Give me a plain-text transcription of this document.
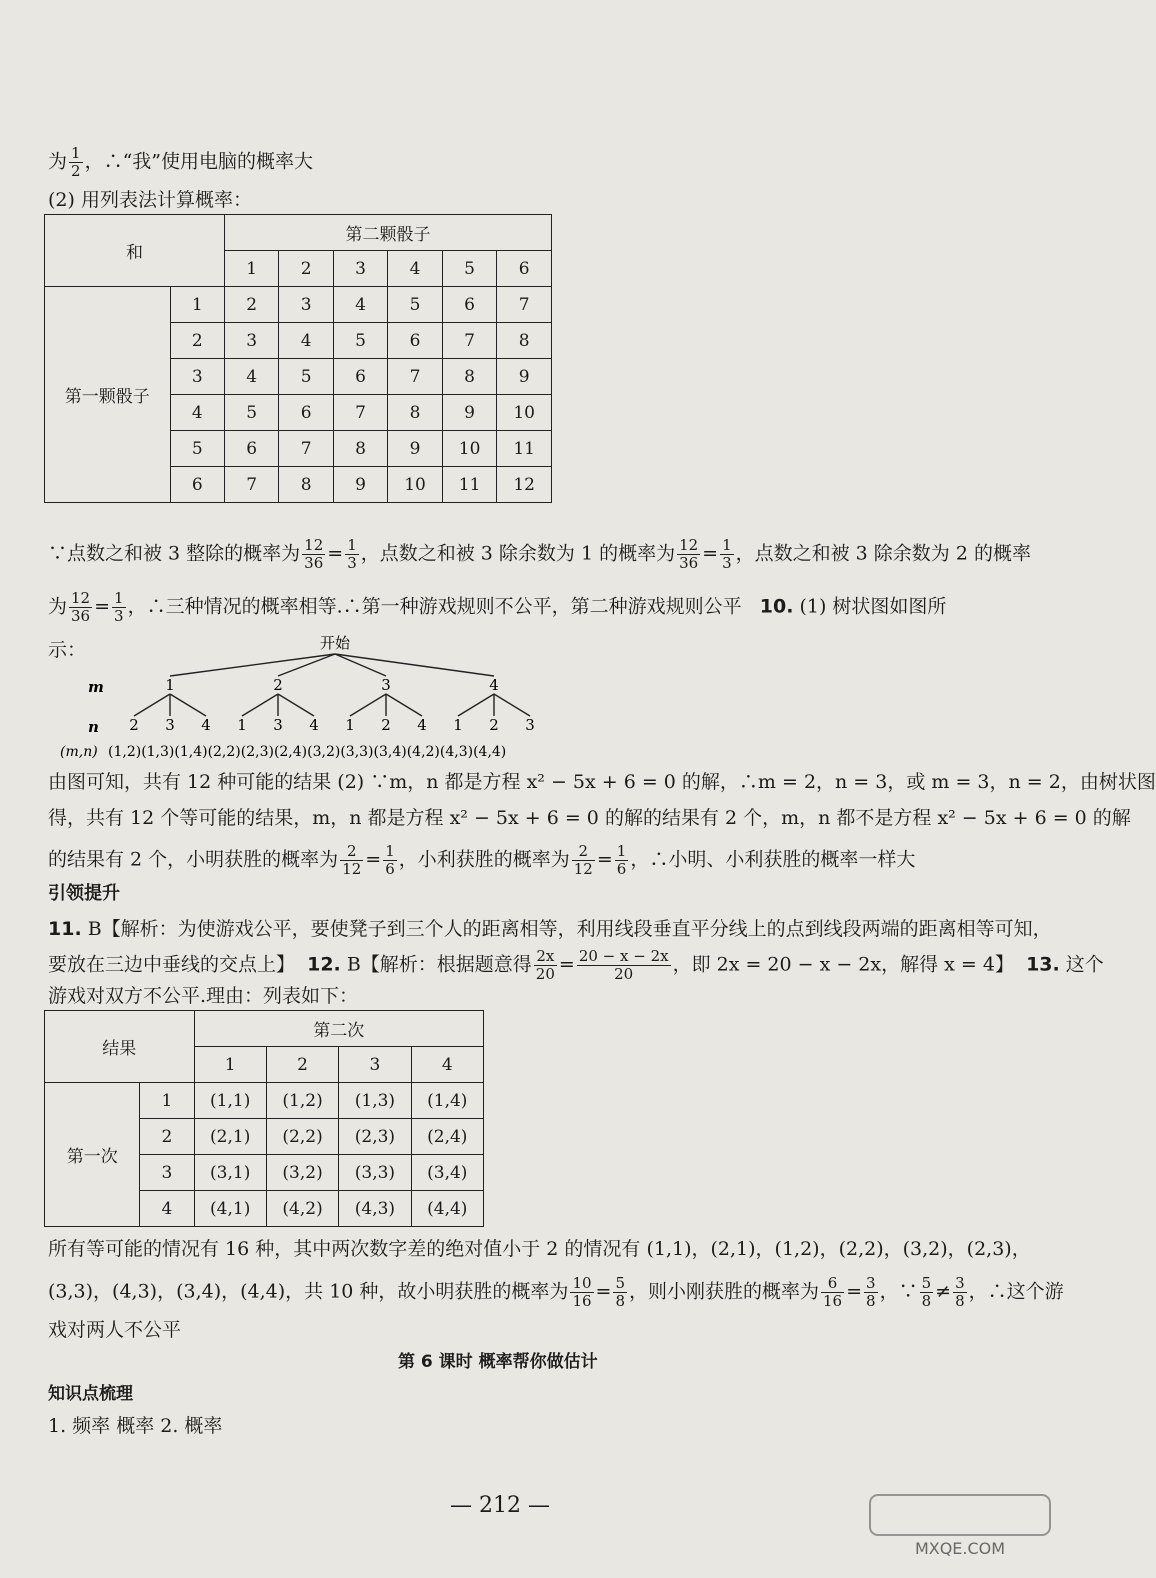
为 $\frac{1}{2}$ ，∴“我”使用电脑的概率大
(2) 用列表法计算概率：
和		第二颗骰子					
		1	2	3	4	5	6
第一颗骰子	1	2	3	4	5	6	7
	2	3	4	5	6	7	8
	3	4	5	6	7	8	9
	4	5	6	7	8	9	10
	5	6	7	8	9	10	11
	6	7	8	9	10	11	12
∵点数之和被 3 整除的概率为 $\frac{12}{36} = \frac{1}{3}$ ，点数之和被 3 除余数为 1 的概率为 $\frac{12}{36} = \frac{1}{3}$ ，点数之和被 3 除余数为 2 的概率
为 $\frac{12}{36} = \frac{1}{3}$ ，∴三种情况的概率相等.∴第一种游戏规则不公平，第二种游戏规则公平 10. (1) 树状图如图所
示：	开始
m
n
1
2 3 4
2
1 3 4
3
1 2 4
4
1 2 3
(m,n) (1,2)(1,3)(1,4)(2,2)(2,3)(2,4)(3,2)(3,3)(3,4)(4,2)(4,3)(4,4)
由图可知，共有 12 种可能的结果 (2) ∵m，n 都是方程 x² − 5x + 6 = 0 的解，∴m = 2，n = 3，或 m = 3，n = 2，由树状图
得，共有 12 个等可能的结果，m，n 都是方程 x² − 5x + 6 = 0 的解的结果有 2 个，m，n 都不是方程 x² − 5x + 6 = 0 的解
的结果有 2 个，小明获胜的概率为 $\frac{2}{12} = \frac{1}{6}$ ，小利获胜的概率为 $\frac{2}{12} = \frac{1}{6}$ ，∴小明、小利获胜的概率一样大
引领提升
11. B【解析：为使游戏公平，要使凳子到三个人的距离相等，利用线段垂直平分线上的点到线段两端的距离相等可知，
要放在三边中垂线的交点上】 12. B【解析：根据题意得 $\frac{2x}{20} = \frac{20 - x - 2x}{20}$ ，即 2x = 20 − x − 2x，解得 x = 4】 13. 这个
游戏对双方不公平.理由：列表如下：
结果		第二次			
		1	2	3	4
第一次	1	(1,1)	(1,2)	(1,3)	(1,4)
	2	(2,1)	(2,2)	(2,3)	(2,4)
	3	(3,1)	(3,2)	(3,3)	(3,4)
	4	(4,1)	(4,2)	(4,3)	(4,4)
所有等可能的情况有 16 种，其中两次数字差的绝对值小于 2 的情况有 (1,1)，(2,1)，(1,2)，(2,2)，(3,2)，(2,3)，
(3,3)，(4,3)，(3,4)，(4,4)，共 10 种，故小明获胜的概率为 $\frac{10}{16} = \frac{5}{8}$ ，则小刚获胜的概率为 $\frac{6}{16} = \frac{3}{8}$ ，∵ $\frac{5}{8} \ne \frac{3}{8}$ ，∴这个游
戏对两人不公平
第 6 课时 概率帮你做估计
知识点梳理
1. 频率 概率 2. 概率
— 212 —
MXQE.COM
